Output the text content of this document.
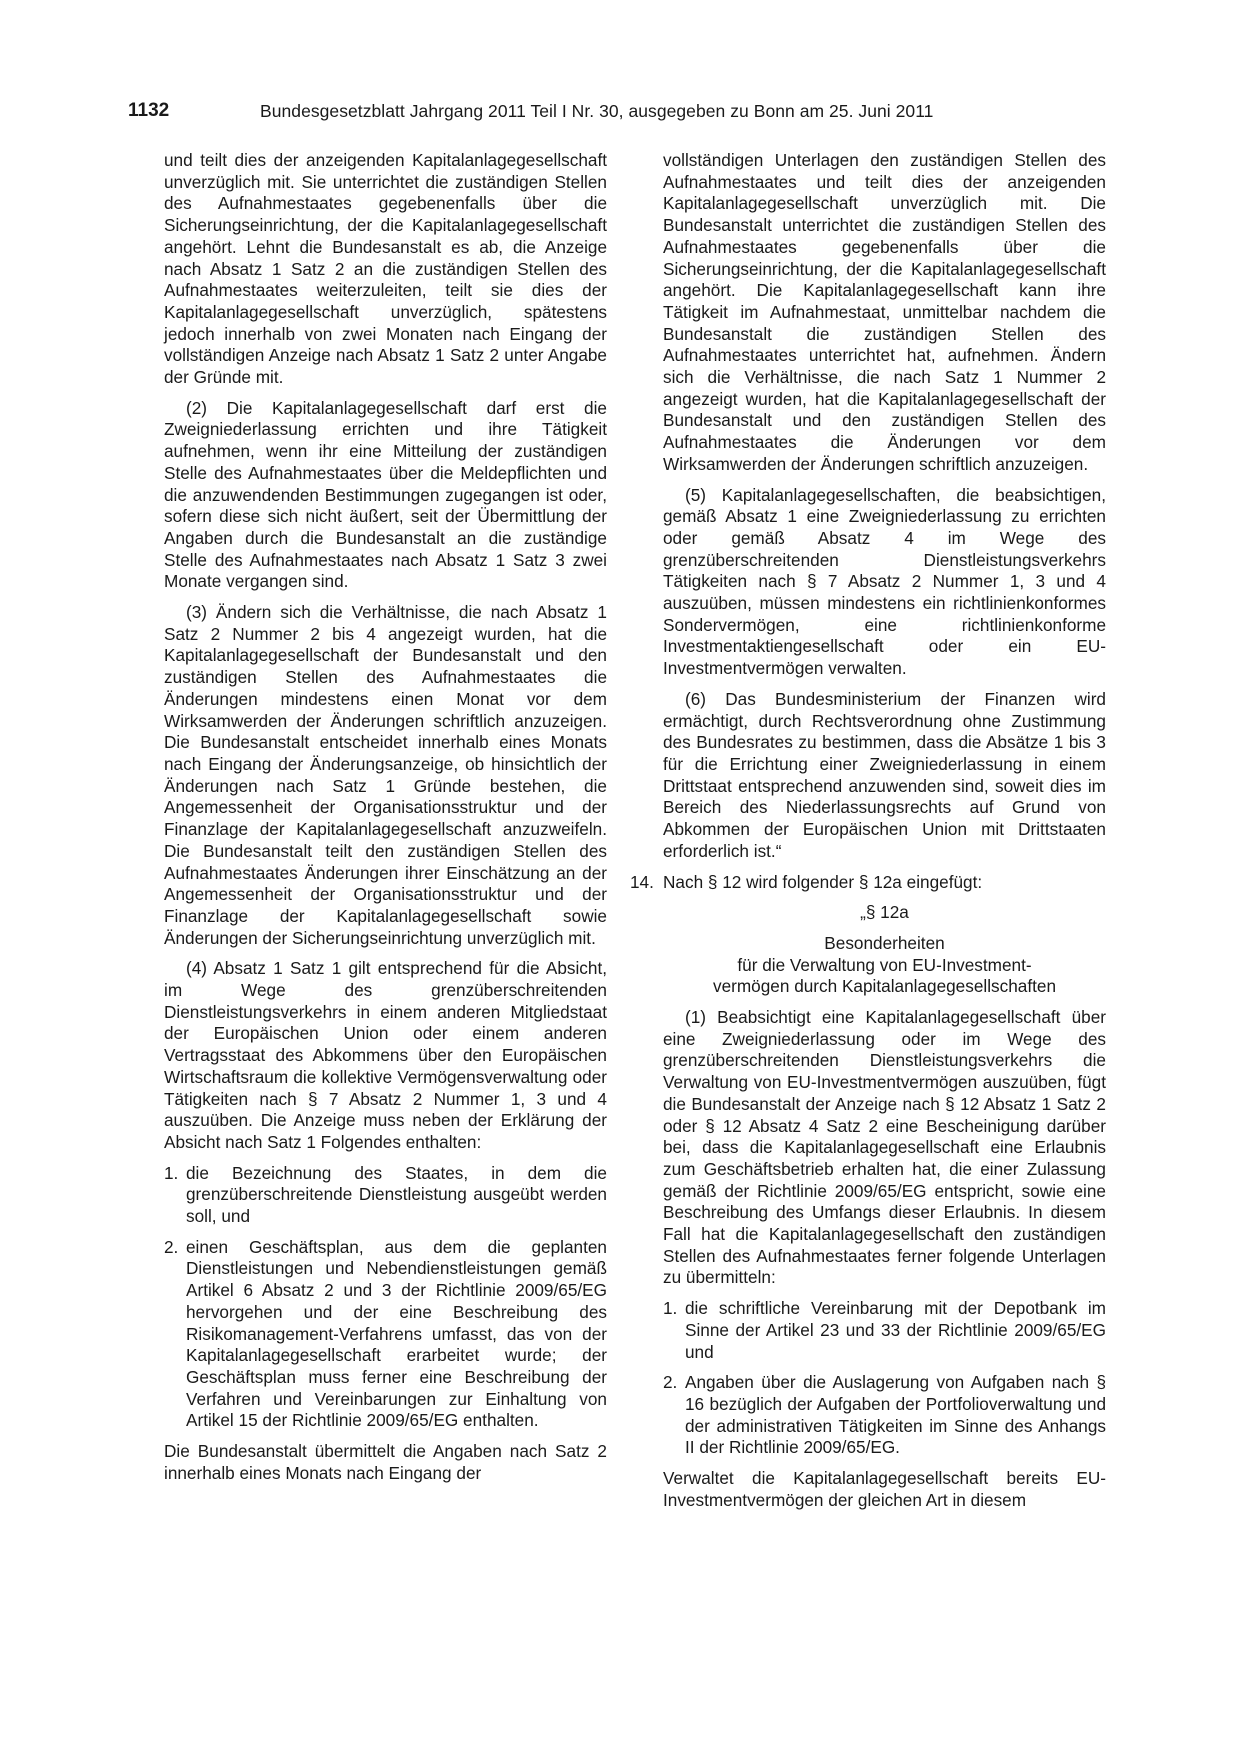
1132	Bundesgesetzblatt Jahrgang 2011 Teil I Nr. 30, ausgegeben zu Bonn am 25. Juni 2011

und teilt dies der anzeigenden Kapitalanlagegesellschaft unverzüglich mit. Sie unterrichtet die zuständigen Stellen des Aufnahmestaates gegebenenfalls über die Sicherungseinrichtung, der die Kapitalanlagegesellschaft angehört. Lehnt die Bundesanstalt es ab, die Anzeige nach Absatz 1 Satz 2 an die zuständigen Stellen des Aufnahmestaates weiterzuleiten, teilt sie dies der Kapitalanlagegesellschaft unverzüglich, spätestens jedoch innerhalb von zwei Monaten nach Eingang der vollständigen Anzeige nach Absatz 1 Satz 2 unter Angabe der Gründe mit.

(2) Die Kapitalanlagegesellschaft darf erst die Zweigniederlassung errichten und ihre Tätigkeit aufnehmen, wenn ihr eine Mitteilung der zuständigen Stelle des Aufnahmestaates über die Meldepflichten und die anzuwendenden Bestimmungen zugegangen ist oder, sofern diese sich nicht äußert, seit der Übermittlung der Angaben durch die Bundesanstalt an die zuständige Stelle des Aufnahmestaates nach Absatz 1 Satz 3 zwei Monate vergangen sind.

(3) Ändern sich die Verhältnisse, die nach Absatz 1 Satz 2 Nummer 2 bis 4 angezeigt wurden, hat die Kapitalanlagegesellschaft der Bundesanstalt und den zuständigen Stellen des Aufnahmestaates die Änderungen mindestens einen Monat vor dem Wirksamwerden der Änderungen schriftlich anzuzeigen. Die Bundesanstalt entscheidet innerhalb eines Monats nach Eingang der Änderungsanzeige, ob hinsichtlich der Änderungen nach Satz 1 Gründe bestehen, die Angemessenheit der Organisationsstruktur und der Finanzlage der Kapitalanlagegesellschaft anzuzweifeln. Die Bundesanstalt teilt den zuständigen Stellen des Aufnahmestaates Änderungen ihrer Einschätzung an der Angemessenheit der Organisationsstruktur und der Finanzlage der Kapitalanlagegesellschaft sowie Änderungen der Sicherungseinrichtung unverzüglich mit.

(4) Absatz 1 Satz 1 gilt entsprechend für die Absicht, im Wege des grenzüberschreitenden Dienstleistungsverkehrs in einem anderen Mitgliedstaat der Europäischen Union oder einem anderen Vertragsstaat des Abkommens über den Europäischen Wirtschaftsraum die kollektive Vermögensverwaltung oder Tätigkeiten nach § 7 Absatz 2 Nummer 1, 3 und 4 auszuüben. Die Anzeige muss neben der Erklärung der Absicht nach Satz 1 Folgendes enthalten:

1. die Bezeichnung des Staates, in dem die grenzüberschreitende Dienstleistung ausgeübt werden soll, und
2. einen Geschäftsplan, aus dem die geplanten Dienstleistungen und Nebendienstleistungen gemäß Artikel 6 Absatz 2 und 3 der Richtlinie 2009/65/EG hervorgehen und der eine Beschreibung des Risikomanagement-Verfahrens umfasst, das von der Kapitalanlagegesellschaft erarbeitet wurde; der Geschäftsplan muss ferner eine Beschreibung der Verfahren und Vereinbarungen zur Einhaltung von Artikel 15 der Richtlinie 2009/65/EG enthalten.

Die Bundesanstalt übermittelt die Angaben nach Satz 2 innerhalb eines Monats nach Eingang der

vollständigen Unterlagen den zuständigen Stellen des Aufnahmestaates und teilt dies der anzeigenden Kapitalanlagegesellschaft unverzüglich mit. Die Bundesanstalt unterrichtet die zuständigen Stellen des Aufnahmestaates gegebenenfalls über die Sicherungseinrichtung, der die Kapitalanlagegesellschaft angehört. Die Kapitalanlagegesellschaft kann ihre Tätigkeit im Aufnahmestaat, unmittelbar nachdem die Bundesanstalt die zuständigen Stellen des Aufnahmestaates unterrichtet hat, aufnehmen. Ändern sich die Verhältnisse, die nach Satz 1 Nummer 2 angezeigt wurden, hat die Kapitalanlagegesellschaft der Bundesanstalt und den zuständigen Stellen des Aufnahmestaates die Änderungen vor dem Wirksamwerden der Änderungen schriftlich anzuzeigen.

(5) Kapitalanlagegesellschaften, die beabsichtigen, gemäß Absatz 1 eine Zweigniederlassung zu errichten oder gemäß Absatz 4 im Wege des grenzüberschreitenden Dienstleistungsverkehrs Tätigkeiten nach § 7 Absatz 2 Nummer 1, 3 und 4 auszuüben, müssen mindestens ein richtlinienkonformes Sondervermögen, eine richtlinienkonforme Investmentaktiengesellschaft oder ein EU-Investmentvermögen verwalten.

(6) Das Bundesministerium der Finanzen wird ermächtigt, durch Rechtsverordnung ohne Zustimmung des Bundesrates zu bestimmen, dass die Absätze 1 bis 3 für die Errichtung einer Zweigniederlassung in einem Drittstaat entsprechend anzuwenden sind, soweit dies im Bereich des Niederlassungsrechts auf Grund von Abkommen der Europäischen Union mit Drittstaaten erforderlich ist.“

14. Nach § 12 wird folgender § 12a eingefügt:

„§ 12a

Besonderheiten

für die Verwaltung von EU-Investment-

vermögen durch Kapitalanlagegesellschaften

(1) Beabsichtigt eine Kapitalanlagegesellschaft über eine Zweigniederlassung oder im Wege des grenzüberschreitenden Dienstleistungsverkehrs die Verwaltung von EU-Investmentvermögen auszuüben, fügt die Bundesanstalt der Anzeige nach § 12 Absatz 1 Satz 2 oder § 12 Absatz 4 Satz 2 eine Bescheinigung darüber bei, dass die Kapitalanlagegesellschaft eine Erlaubnis zum Geschäftsbetrieb erhalten hat, die einer Zulassung gemäß der Richtlinie 2009/65/EG entspricht, sowie eine Beschreibung des Umfangs dieser Erlaubnis. In diesem Fall hat die Kapitalanlagegesellschaft den zuständigen Stellen des Aufnahmestaates ferner folgende Unterlagen zu übermitteln:

1. die schriftliche Vereinbarung mit der Depotbank im Sinne der Artikel 23 und 33 der Richtlinie 2009/65/EG und
2. Angaben über die Auslagerung von Aufgaben nach § 16 bezüglich der Aufgaben der Portfolioverwaltung und der administrativen Tätigkeiten im Sinne des Anhangs II der Richtlinie 2009/65/EG.

Verwaltet die Kapitalanlagegesellschaft bereits EU-Investmentvermögen der gleichen Art in diesem
